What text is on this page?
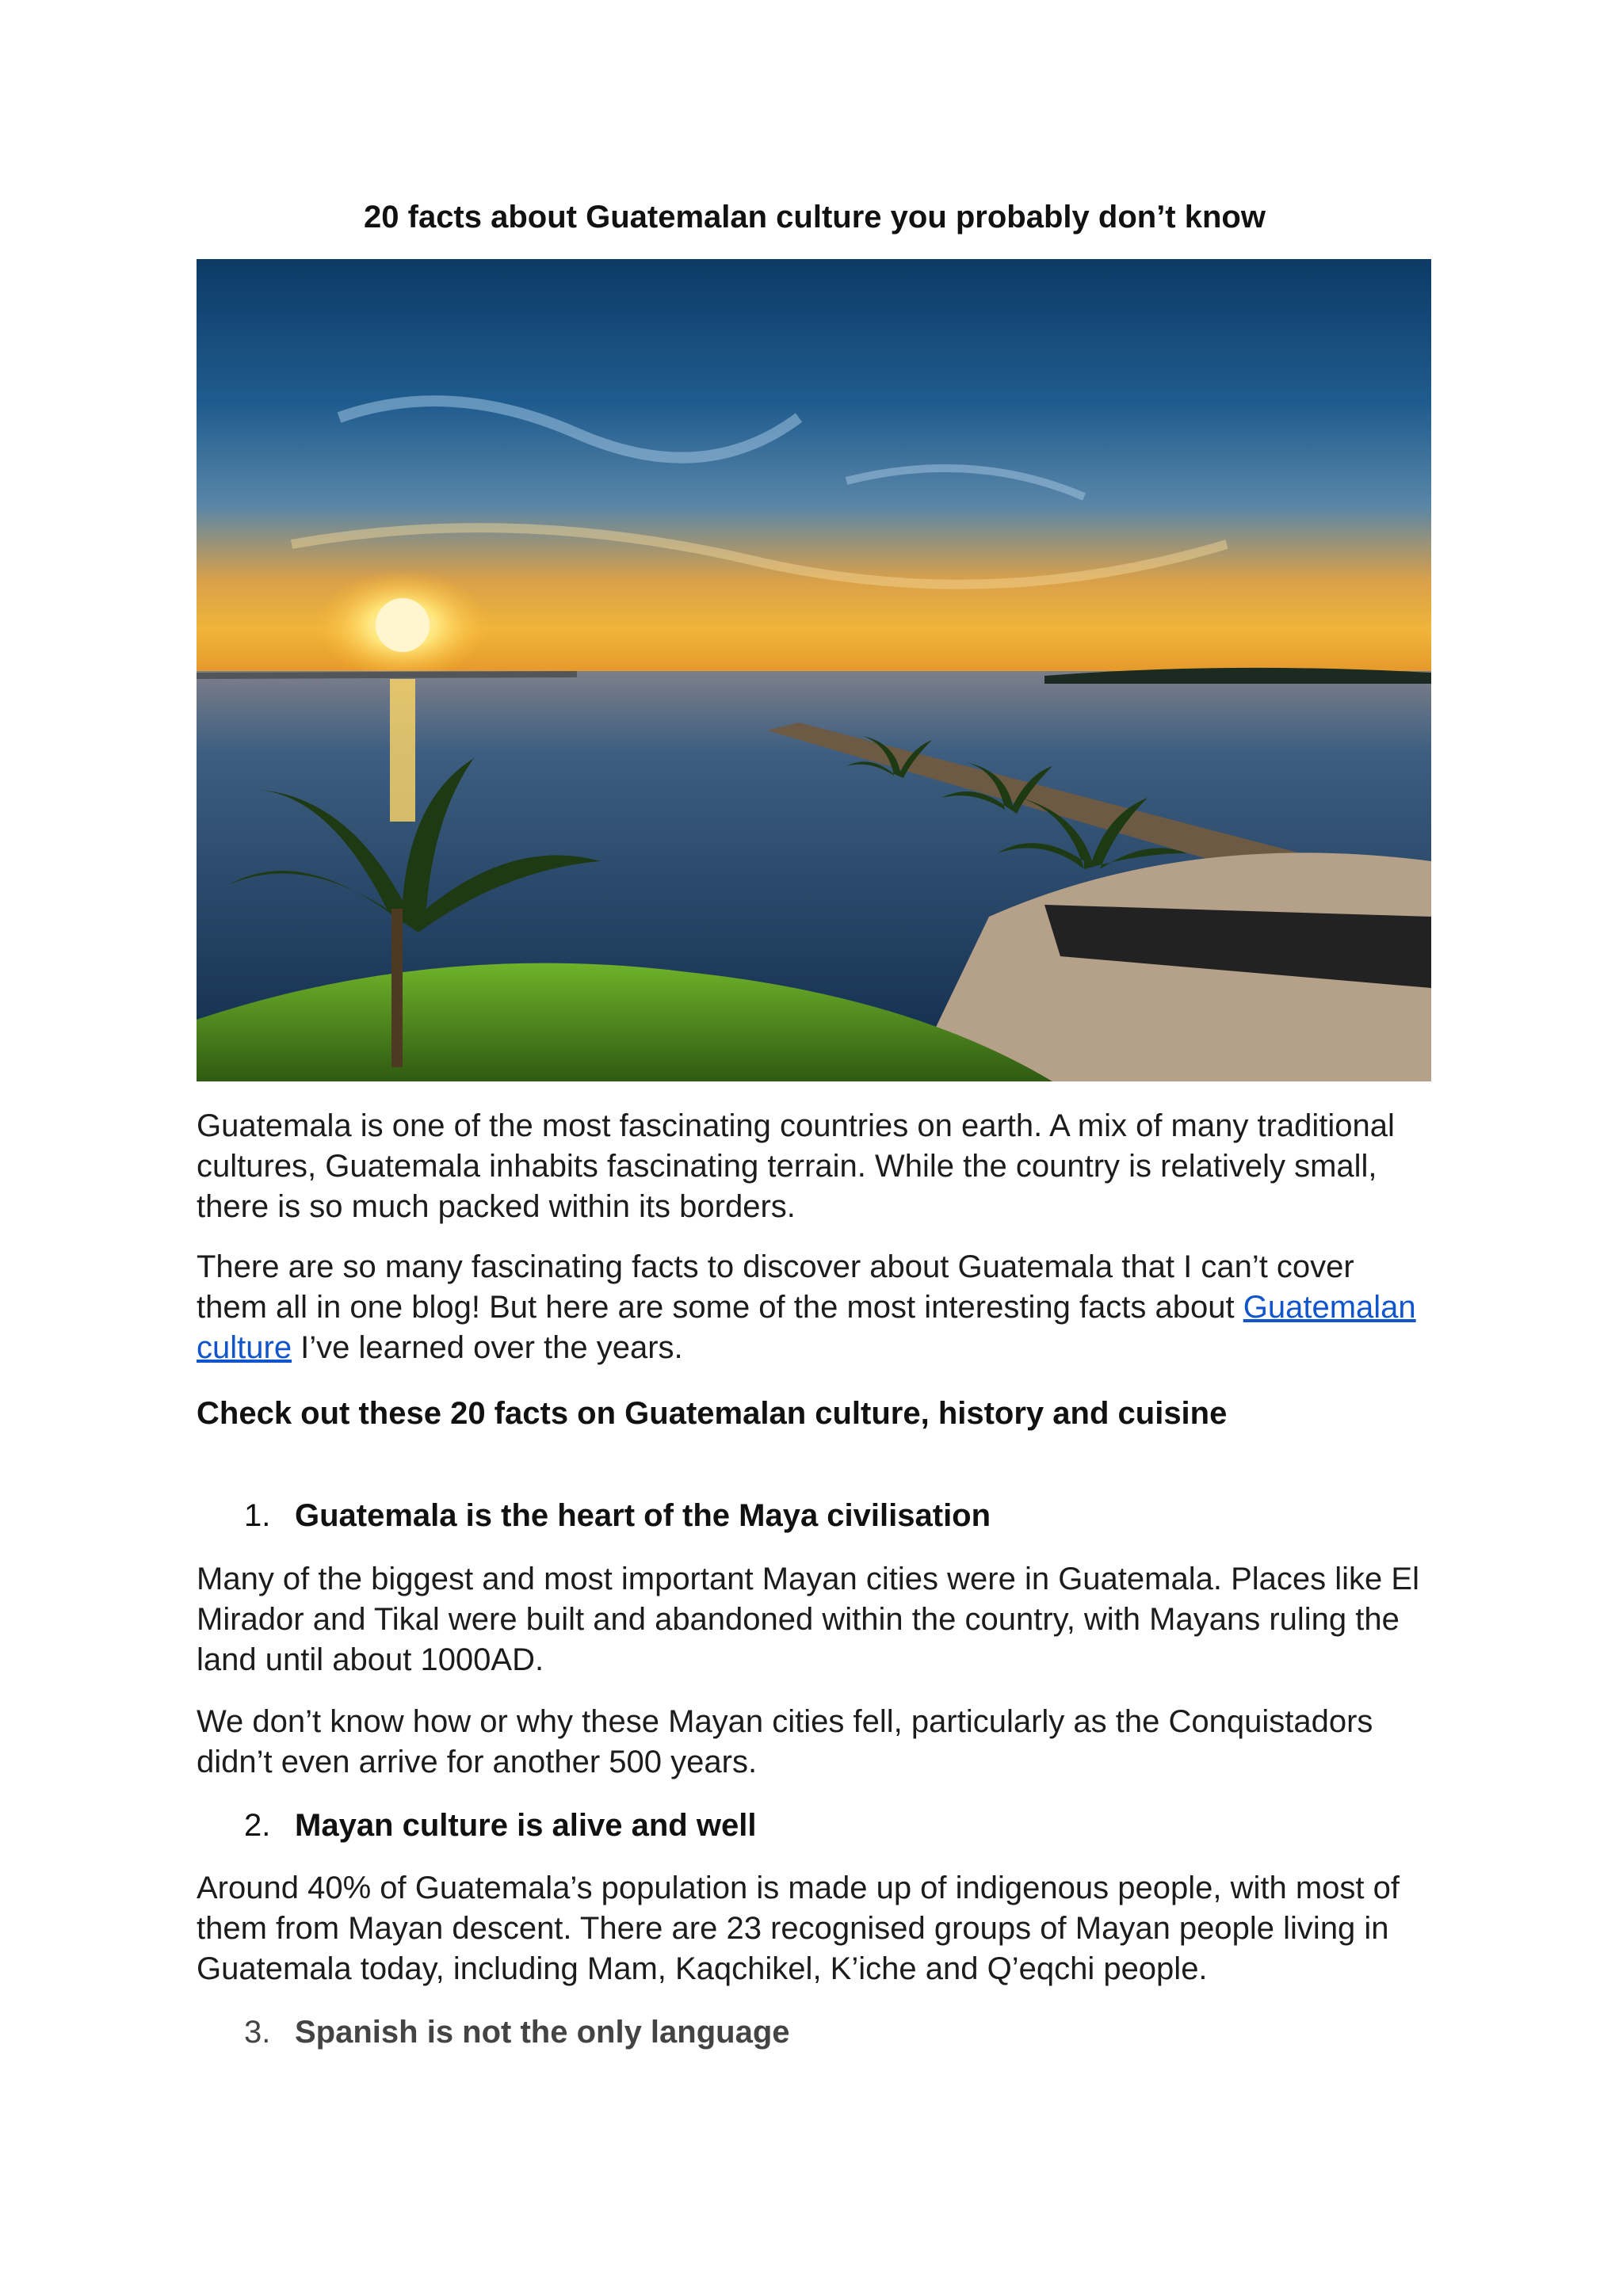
20 facts about Guatemalan culture you probably don’t know

Guatemala is one of the most fascinating countries on earth. A mix of many traditional cultures, Guatemala inhabits fascinating terrain. While the country is relatively small, there is so much packed within its borders.

There are so many fascinating facts to discover about Guatemala that I can’t cover them all in one blog! But here are some of the most interesting facts about Guatemalan culture I’ve learned over the years.

Check out these 20 facts on Guatemalan culture, history and cuisine

1. Guatemala is the heart of the Maya civilisation

Many of the biggest and most important Mayan cities were in Guatemala. Places like El Mirador and Tikal were built and abandoned within the country, with Mayans ruling the land until about 1000AD.

We don’t know how or why these Mayan cities fell, particularly as the Conquistadors didn’t even arrive for another 500 years.

2. Mayan culture is alive and well

Around 40% of Guatemala’s population is made up of indigenous people, with most of them from Mayan descent. There are 23 recognised groups of Mayan people living in Guatemala today, including Mam, Kaqchikel, K’iche and Q’eqchi people.

3. Spanish is not the only language
